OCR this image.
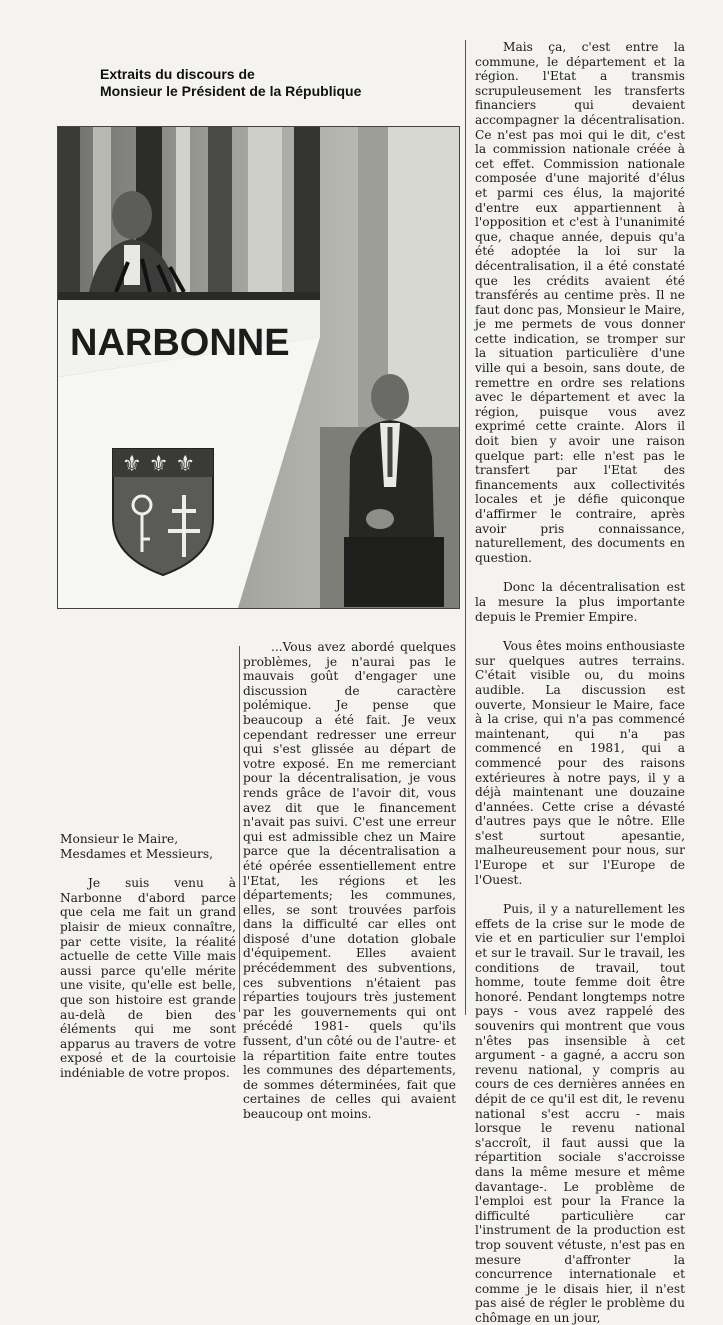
Extraits du discours de
Monsieur le Président de la République
NARBONNE
⚜ ⚜ ⚜

Monsieur le Maire,

Mesdames et Messieurs,

Je suis venu à Narbonne d'abord parce que cela me fait un grand plaisir de mieux connaître, par cette visite, la réalité actuelle de cette Ville mais aussi parce qu'elle mérite une visite, qu'elle est belle, que son histoire est grande au-delà de bien des éléments qui me sont apparus au travers de votre exposé et de la courtoisie indéniable de votre propos.

...Vous avez abordé quelques problèmes, je n'aurai pas le mauvais goût d'engager une discussion de caractère polémique. Je pense que beaucoup a été fait. Je veux cependant redresser une erreur qui s'est glissée au départ de votre exposé. En me remerciant pour la décentralisation, je vous rends grâce de l'avoir dit, vous avez dit que le financement n'avait pas suivi. C'est une erreur qui est admissible chez un Maire parce que la décentralisation a été opérée essentiellement entre l'Etat, les régions et les départements; les communes, elles, se sont trouvées parfois dans la difficulté car elles ont disposé d'une dotation globale d'équipement. Elles avaient précédemment des subventions, ces subventions n'étaient pas réparties toujours très justement par les gouvernements qui ont précédé 1981- quels qu'ils fussent, d'un côté ou de l'autre- et la répartition faite entre toutes les communes des départements, de sommes déterminées, fait que certaines de celles qui avaient beaucoup ont moins.

Mais ça, c'est entre la commune, le département et la région. l'Etat a transmis scrupuleusement les transferts financiers qui devaient accompagner la décentralisation. Ce n'est pas moi qui le dit, c'est la commission nationale créée à cet effet. Commission nationale composée d'une majorité d'élus et parmi ces élus, la majorité d'entre eux appartiennent à l'opposition et c'est à l'unanimité que, chaque année, depuis qu'a été adoptée la loi sur la décentralisation, il a été constaté que les crédits avaient été transférés au centime près. Il ne faut donc pas, Monsieur le Maire, je me permets de vous donner cette indication, se tromper sur la situation particulière d'une ville qui a besoin, sans doute, de remettre en ordre ses relations avec le département et avec la région, puisque vous avez exprimé cette crainte. Alors il doit bien y avoir une raison quelque part: elle n'est pas le transfert par l'Etat des financements aux collectivités locales et je défie quiconque d'affirmer le contraire, après avoir pris connaissance, naturellement, des documents en question.

Donc la décentralisation est la mesure la plus importante depuis le Premier Empire.

Vous êtes moins enthousiaste sur quelques autres terrains. C'était visible ou, du moins audible. La discussion est ouverte, Monsieur le Maire, face à la crise, qui n'a pas commencé maintenant, qui n'a pas commencé en 1981, qui a commencé pour des raisons extérieures à notre pays, il y a déjà maintenant une douzaine d'années. Cette crise a dévasté d'autres pays que le nôtre. Elle s'est surtout apesantie, malheureusement pour nous, sur l'Europe et sur l'Europe de l'Ouest.

Puis, il y a naturellement les effets de la crise sur le mode de vie et en particulier sur l'emploi et sur le travail. Sur le travail, les conditions de travail, tout homme, toute femme doit être honoré. Pendant longtemps notre pays - vous avez rappelé des souvenirs qui montrent que vous n'êtes pas insensible à cet argument - a gagné, a accru son revenu national, y compris au cours de ces dernières années en dépit de ce qu'il est dit, le revenu national s'est accru - mais lorsque le revenu national s'accroît, il faut aussi que la répartition sociale s'accroisse dans la même mesure et même davantage-. Le problème de l'emploi est pour la France la difficulté particulière car l'instrument de la production est trop souvent vétuste, n'est pas en mesure d'affronter la concurrence internationale et comme je le disais hier, il n'est pas aisé de régler le problème du chômage en un jour,
